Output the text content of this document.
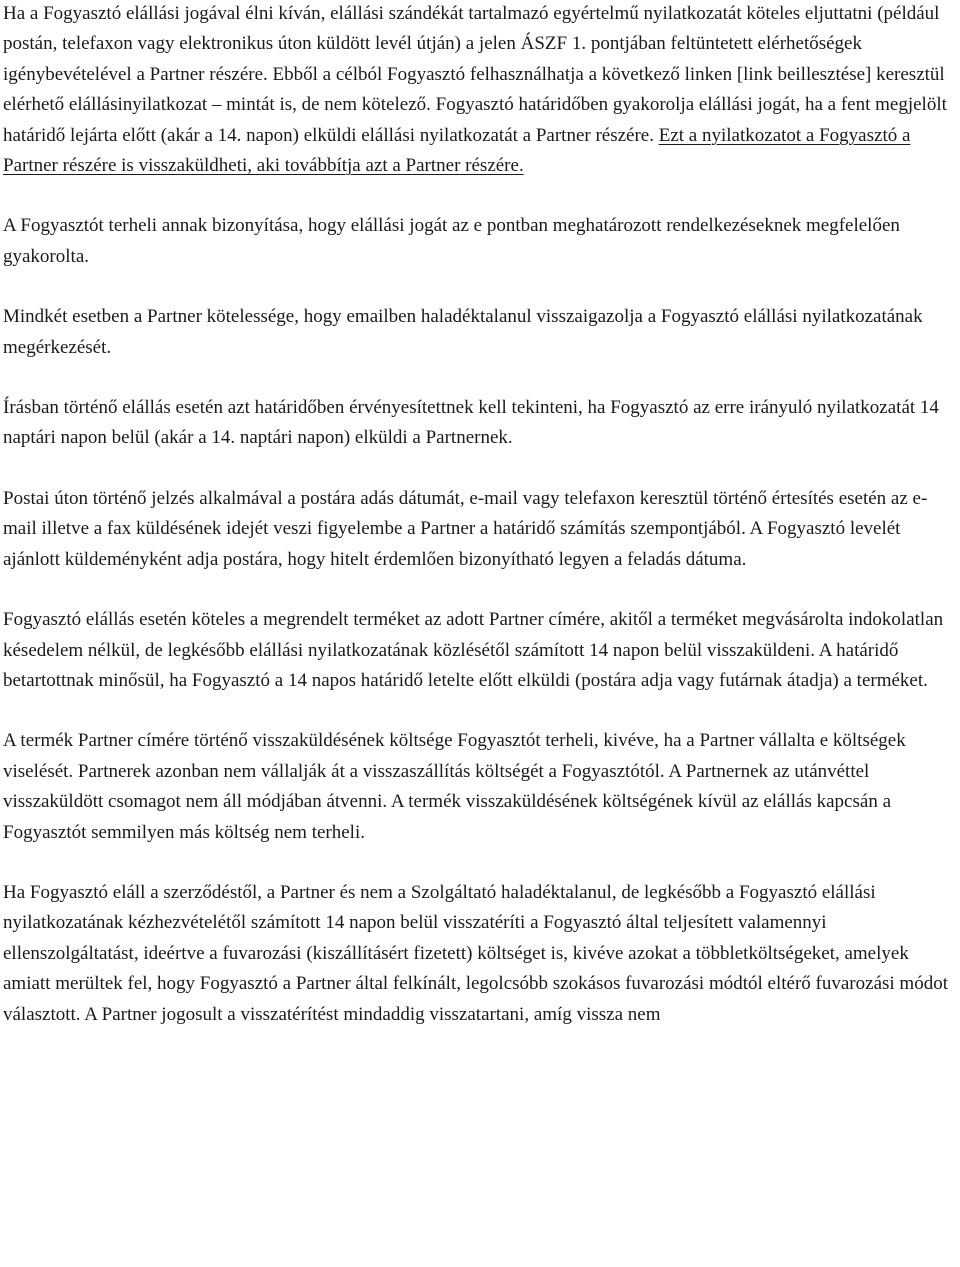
Ha a Fogyasztó elállási jogával élni kíván, elállási szándékát tartalmazó egyértelmű nyilatkozatát köteles eljuttatni (például postán, telefaxon vagy elektronikus úton küldött levél útján) a jelen ÁSZF 1. pontjában feltüntetett elérhetőségek igénybevételével a Partner részére. Ebből a célból Fogyasztó felhasználhatja a következő linken [link beillesztése] keresztül elérhető elállásinyilatkozat – mintát is, de nem kötelező. Fogyasztó határidőben gyakorolja elállási jogát, ha a fent megjelölt határidő lejárta előtt (akár a 14. napon) elküldi elállási nyilatkozatát a Partner részére. Ezt a nyilatkozatot a Fogyasztó a Partner részére is visszaküldheti, aki továbbítja azt a Partner részére.

A Fogyasztót terheli annak bizonyítása, hogy elállási jogát az e pontban meghatározott rendelkezéseknek megfelelően gyakorolta.

Mindkét esetben a Partner kötelessége, hogy emailben haladéktalanul visszaigazolja a Fogyasztó elállási nyilatkozatának megérkezését.

Írásban történő elállás esetén azt határidőben érvényesítettnek kell tekinteni, ha Fogyasztó az erre irányuló nyilatkozatát 14 naptári napon belül (akár a 14. naptári napon) elküldi a Partnernek.

Postai úton történő jelzés alkalmával a postára adás dátumát, e-mail vagy telefaxon keresztül történő értesítés esetén az e-mail illetve a fax küldésének idejét veszi figyelembe a Partner a határidő számítás szempontjából. A Fogyasztó levelét ajánlott küldeményként adja postára, hogy hitelt érdemlően bizonyítható legyen a feladás dátuma.

Fogyasztó elállás esetén köteles a megrendelt terméket az adott Partner címére, akitől a terméket megvásárolta indokolatlan késedelem nélkül, de legkésőbb elállási nyilatkozatának közlésétől számított 14 napon belül visszaküldeni. A határidő betartottnak minősül, ha Fogyasztó a 14 napos határidő letelte előtt elküldi (postára adja vagy futárnak átadja) a terméket.

A termék Partner címére történő visszaküldésének költsége Fogyasztót terheli, kivéve, ha a Partner vállalta e költségek viselését. Partnerek azonban nem vállalják át a visszaszállítás költségét a Fogyasztótól. A Partnernek az utánvéttel visszaküldött csomagot nem áll módjában átvenni. A termék visszaküldésének költségének kívül az elállás kapcsán a Fogyasztót semmilyen más költség nem terheli.

Ha Fogyasztó eláll a szerződéstől, a Partner és nem a Szolgáltató haladéktalanul, de legkésőbb a Fogyasztó elállási nyilatkozatának kézhezvételétől számított 14 napon belül visszatéríti a Fogyasztó által teljesített valamennyi ellenszolgáltatást, ideértve a fuvarozási (kiszállításért fizetett) költséget is, kivéve azokat a többletköltségeket, amelyek amiatt merültek fel, hogy Fogyasztó a Partner által felkínált, legolcsóbb szokásos fuvarozási módtól eltérő fuvarozási módot választott. A Partner jogosult a visszatérítést mindaddig visszatartani, amíg vissza nem
